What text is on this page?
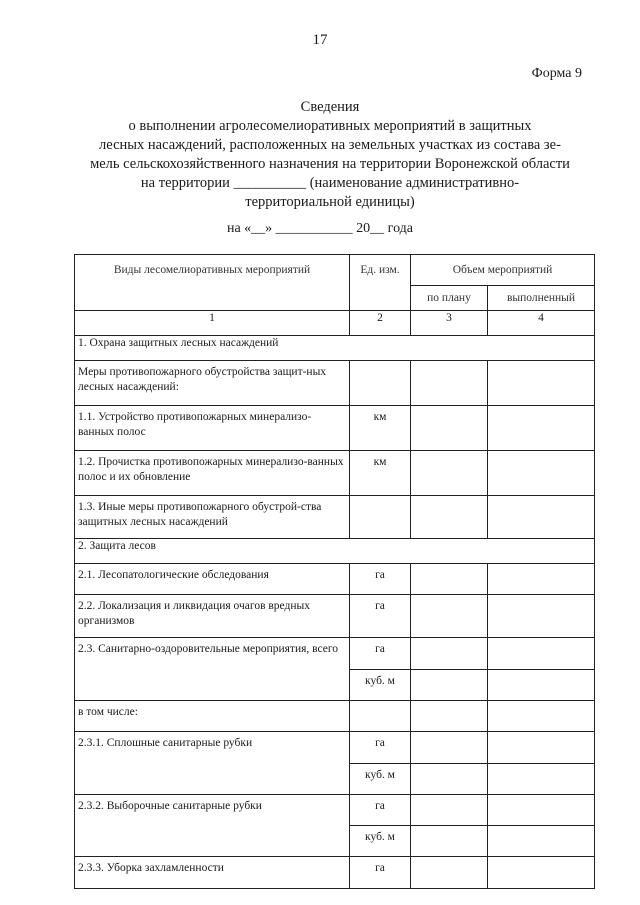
17
Форма 9
Сведения
о выполнении агролесомелиоративных мероприятий в защитных
лесных насаждений, расположенных на земельных участках из состава зе-
мель сельскохозяйственного назначения на территории Воронежской области
на территории __________ (наименование административно-
территориальной единицы)
на «__» ___________ 20__ года
Виды лесомелиоративных мероприятий	Ед. изм.	Объем мероприятий	
		по плану	выполненный
1	2	3	4
1. Охрана защитных лесных насаждений			
Меры противопожарного обустройства защит-ных лесных насаждений:			
1.1. Устройство противопожарных минерализо-ванных полос	км		
1.2. Прочистка противопожарных минерализо-ванных полос и их обновление	км		
1.3. Иные меры противопожарного обустрой-ства защитных лесных насаждений			
2. Защита лесов			
2.1. Лесопатологические обследования	га		
2.2. Локализация и ликвидация очагов вредных организмов	га		
2.3. Санитарно-оздоровительные мероприятия, всего	га		
	куб. м		
в том числе:			
2.3.1. Сплошные санитарные рубки	га		
	куб. м		
2.3.2. Выборочные санитарные рубки	га		
	куб. м		
2.3.3. Уборка захламленности	га		
